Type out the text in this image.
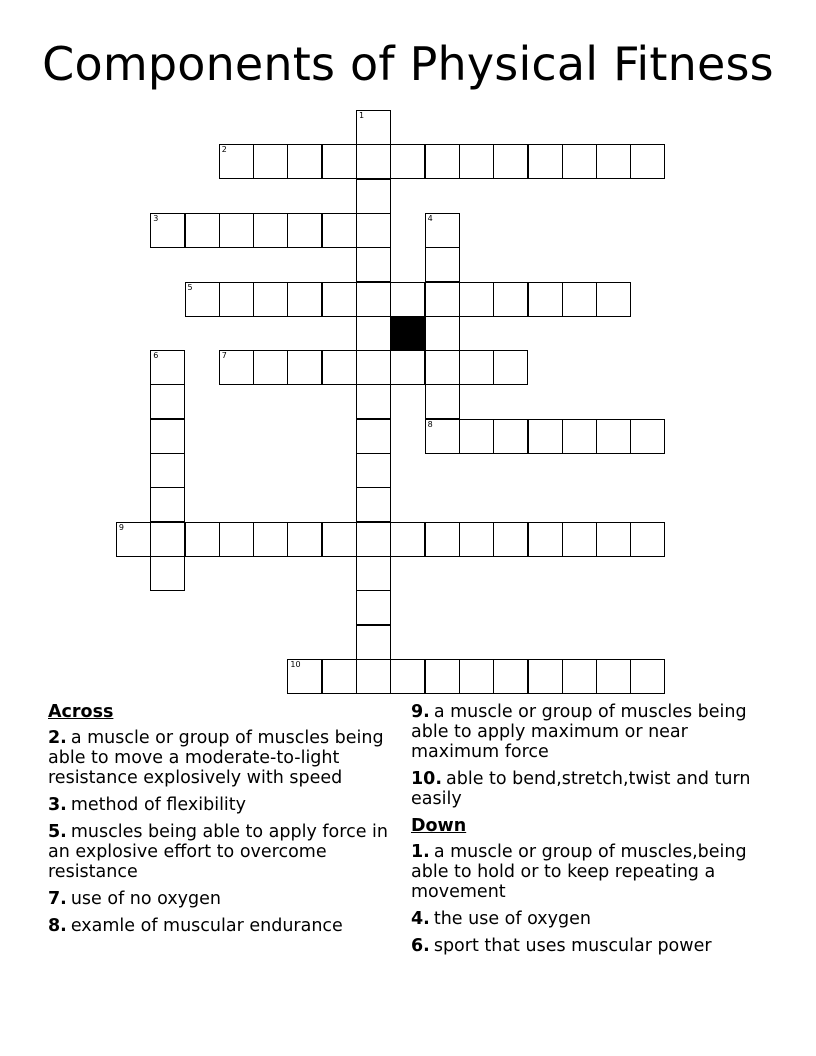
Components of Physical Fitness
1
2
3	4
5
6	7
8
9
10
Across
2. a muscle or group of muscles being able to move a moderate-to-light resistance explosively with speed
3. method of flexibility
5. muscles being able to apply force in an explosive effort to overcome resistance
7. use of no oxygen
8. examle of muscular endurance
9. a muscle or group of muscles being able to apply maximum or near maximum force
10. able to bend,stretch,twist and turn easily
Down
1. a muscle or group of muscles,being able to hold or to keep repeating a movement
4. the use of oxygen
6. sport that uses muscular power
